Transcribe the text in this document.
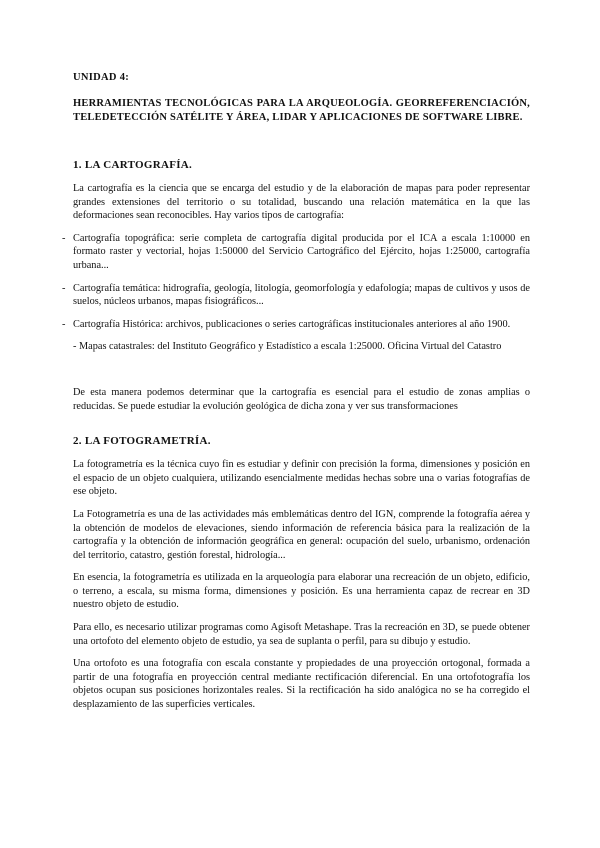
UNIDAD 4:
HERRAMIENTAS TECNOLÓGICAS PARA LA ARQUEOLOGÍA. GEORREFERENCIACIÓN, TELEDETECCIÓN SATÉLITE Y ÁREA, LIDAR Y APLICACIONES DE SOFTWARE LIBRE.
1. LA CARTOGRAFÍA.

La cartografía es la ciencia que se encarga del estudio y de la elaboración de mapas para poder representar grandes extensiones del territorio o su totalidad, buscando una relación matemática en la que las deformaciones sean reconocibles. Hay varios tipos de cartografía:

- Cartografía topográfica: serie completa de cartografía digital producida por el ICA a escala 1:10000 en formato raster y vectorial, hojas 1:50000 del Servicio Cartográfico del Ejército, hojas 1:25000, cartografía urbana...
- Cartografía temática: hidrografía, geología, litología, geomorfología y edafología; mapas de cultivos y usos de suelos, núcleos urbanos, mapas fisiográficos...
- Cartografía Histórica: archivos, publicaciones o series cartográficas institucionales anteriores al año 1900.
- Mapas catastrales: del Instituto Geográfico y Estadístico a escala 1:25000. Oficina Virtual del Catastro

De esta manera podemos determinar que la cartografía es esencial para el estudio de zonas amplias o reducidas. Se puede estudiar la evolución geológica de dicha zona y ver sus transformaciones

2. LA FOTOGRAMETRÍA.

La fotogrametría es la técnica cuyo fin es estudiar y definir con precisión la forma, dimensiones y posición en el espacio de un objeto cualquiera, utilizando esencialmente medidas hechas sobre una o varias fotografías de ese objeto.

La Fotogrametría es una de las actividades más emblemáticas dentro del IGN, comprende la fotografía aérea y la obtención de modelos de elevaciones, siendo información de referencia básica para la realización de la cartografía y la obtención de información geográfica en general: ocupación del suelo, urbanismo, ordenación del territorio, catastro, gestión forestal, hidrología...

En esencia, la fotogrametría es utilizada en la arqueología para elaborar una recreación de un objeto, edificio, o terreno, a escala, su misma forma, dimensiones y posición. Es una herramienta capaz de recrear en 3D nuestro objeto de estudio.

Para ello, es necesario utilizar programas como Agisoft Metashape. Tras la recreación en 3D, se puede obtener una ortofoto del elemento objeto de estudio, ya sea de suplanta o perfil, para su dibujo y estudio.

Una ortofoto es una fotografía con escala constante y propiedades de una proyección ortogonal, formada a partir de una fotografía en proyección central mediante rectificación diferencial. En una ortofotografía los objetos ocupan sus posiciones horizontales reales. Si la rectificación ha sido analógica no se ha corregido el desplazamiento de las superficies verticales.
